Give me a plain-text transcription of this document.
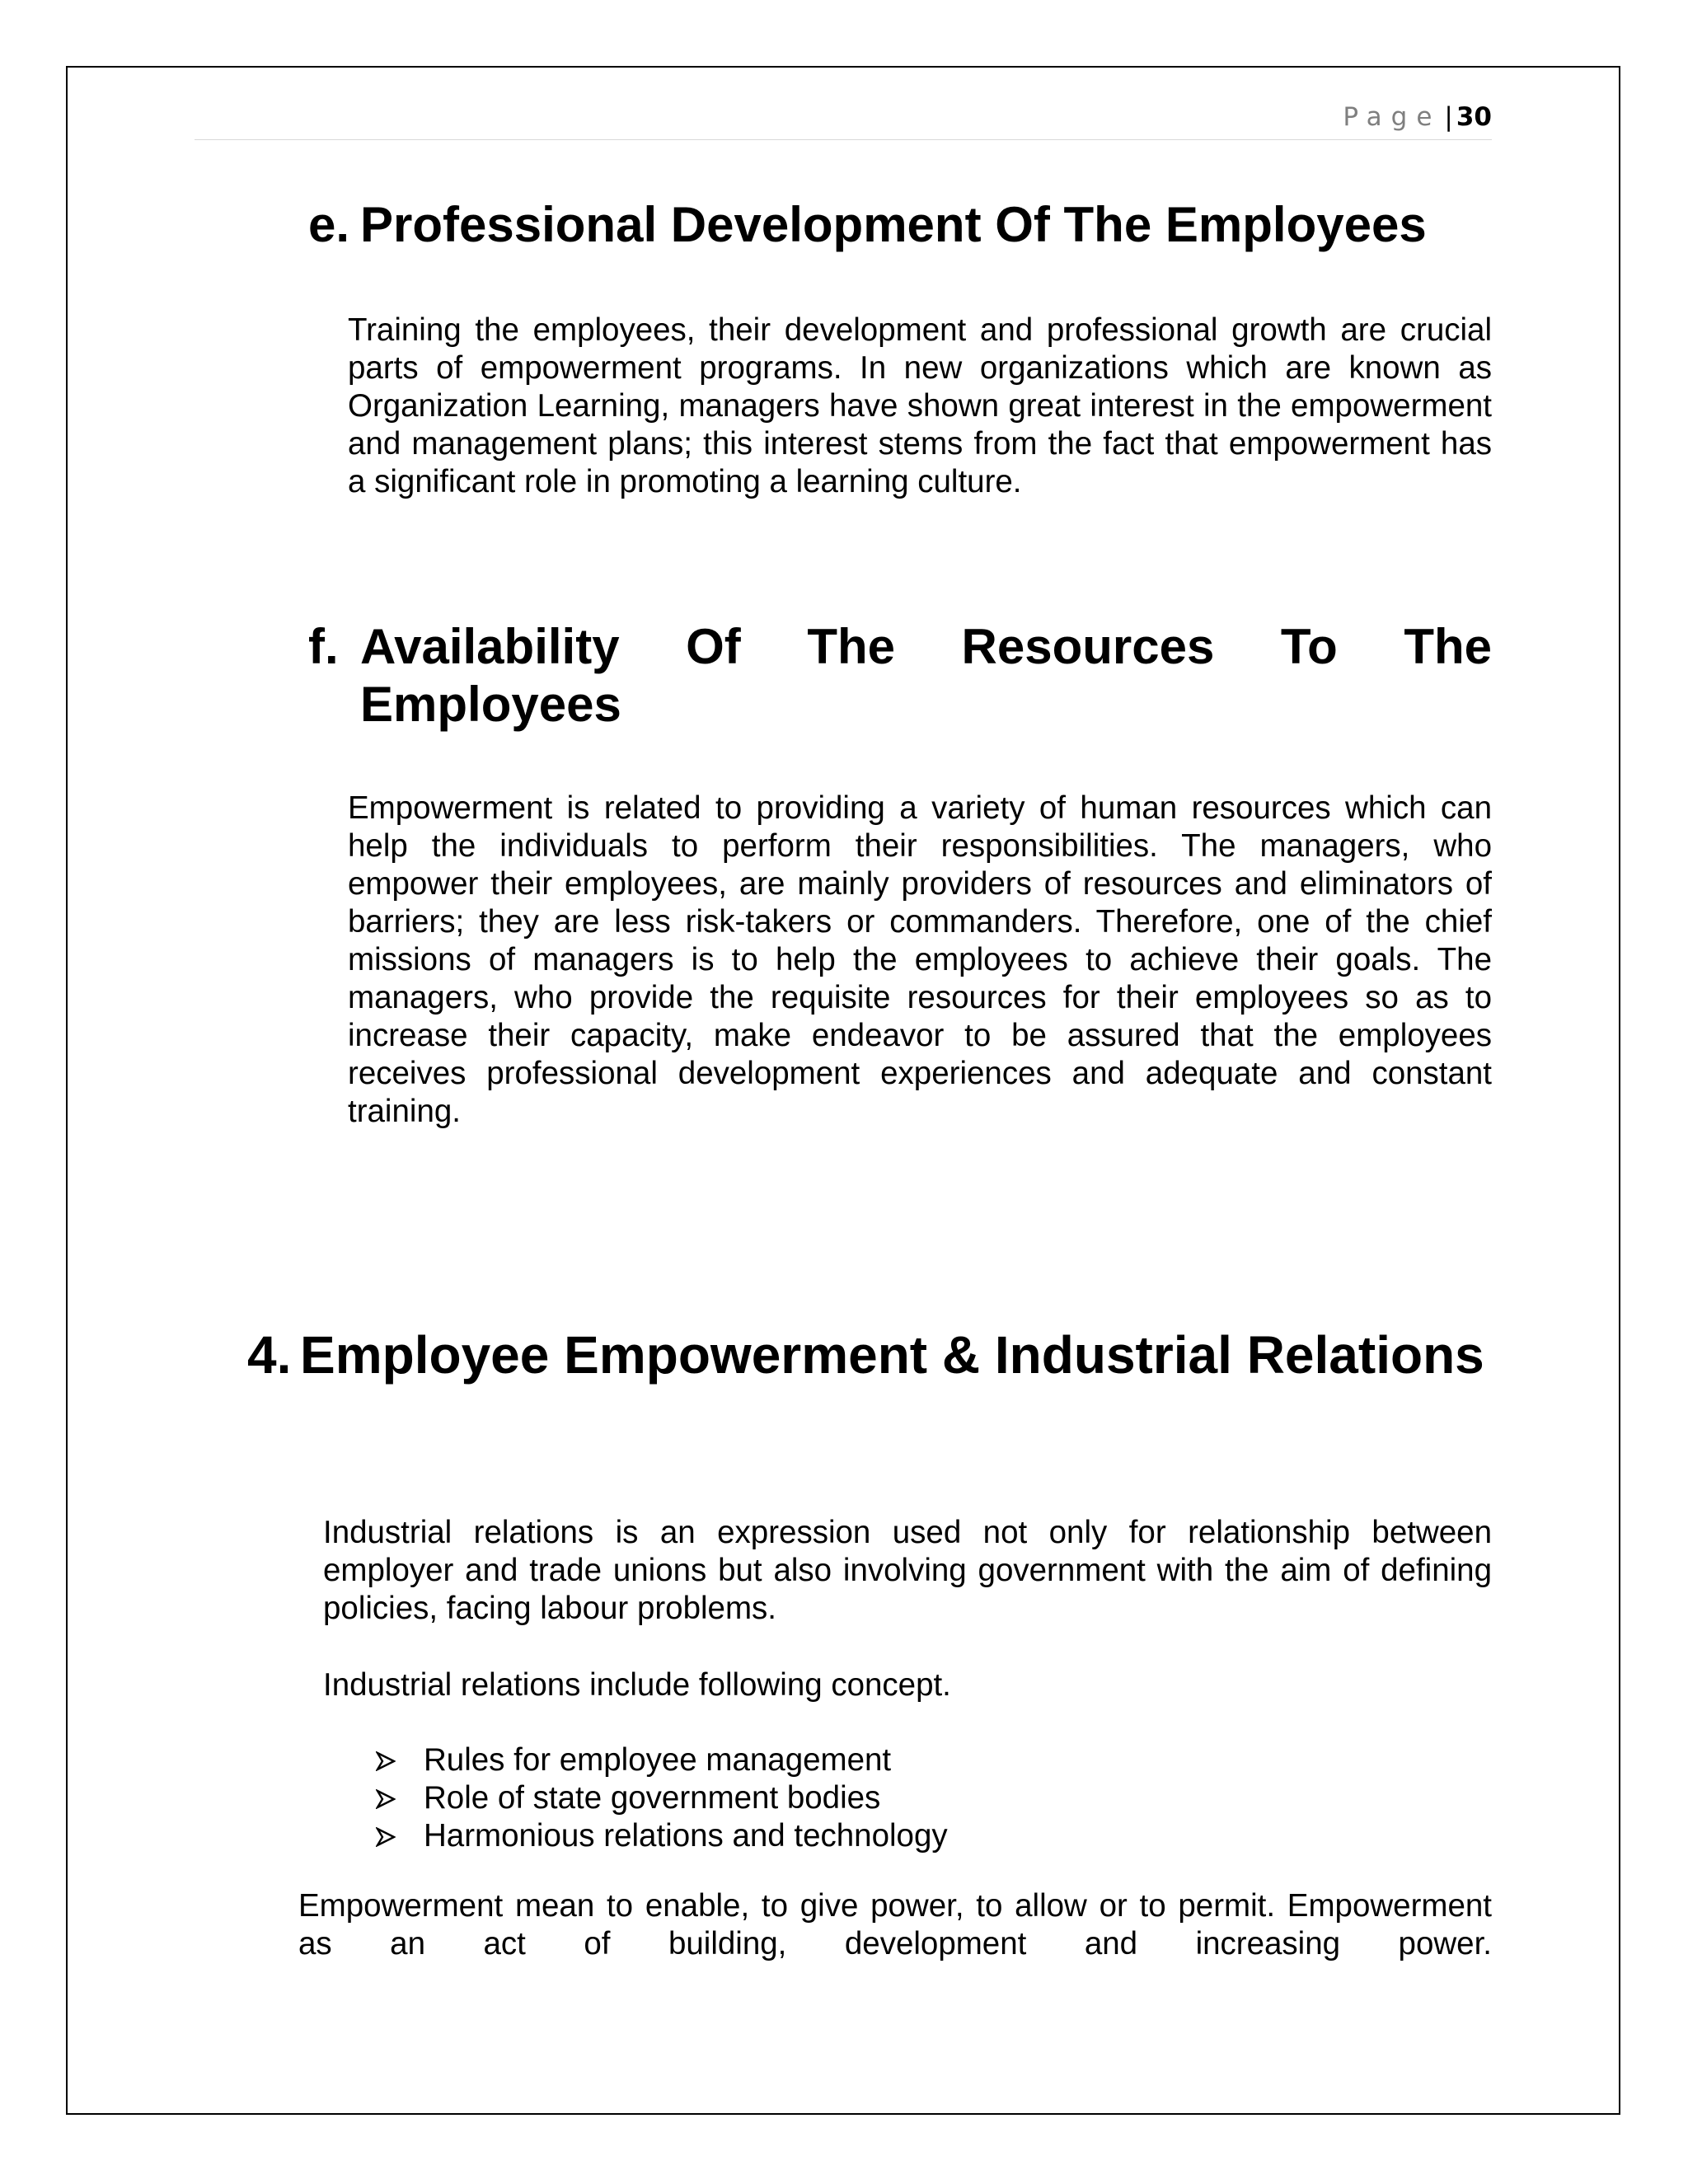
Page | 30
e. Professional Development Of The Employees

Training the employees, their development and professional growth are crucial parts of empowerment programs. In new organizations which are known as Organization Learning, managers have shown great interest in the empowerment and management plans; this interest stems from the fact that empowerment has a significant role in promoting a learning culture.

f. Availability Of The Resources To The Employees

Empowerment is related to providing a variety of human resources which can help the individuals to perform their responsibilities. The managers, who empower their employees, are mainly providers of resources and eliminators of barriers; they are less risk-takers or commanders. Therefore, one of the chief missions of managers is to help the employees to achieve their goals. The managers, who provide the requisite resources for their employees so as to increase their capacity, make endeavor to be assured that the employees receives professional development experiences and adequate and constant training.

4. Employee Empowerment & Industrial Relations

Industrial relations is an expression used not only for relationship between employer and trade unions but also involving government with the aim of defining policies, facing labour problems.

Industrial relations include following concept.

Rules for employee management
Role of state government bodies
Harmonious relations and technology

Empowerment mean to enable, to give power, to allow or to permit. Empowerment as an act of building, development and increasing power.
